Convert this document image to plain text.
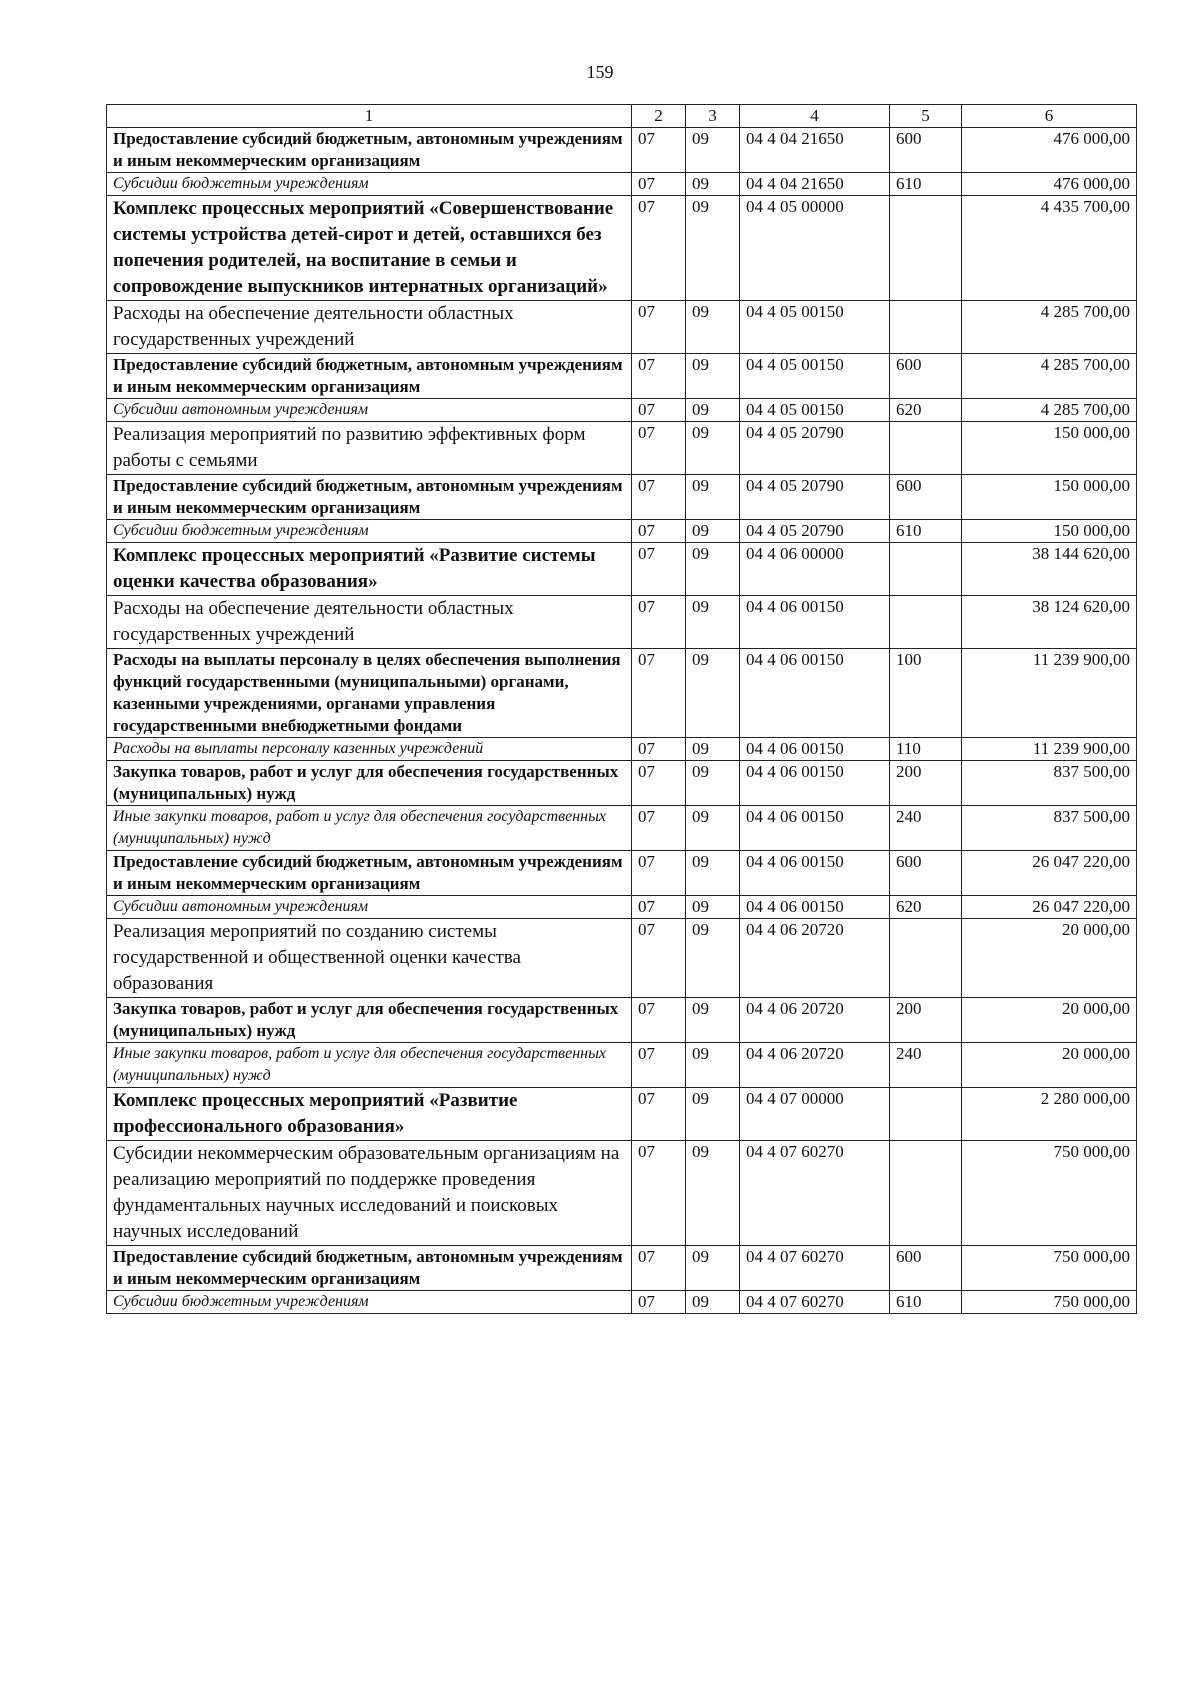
159
1	2	3	4	5	6
Предоставление субсидий бюджетным, автономным учреждениям и иным некоммерческим организациям	07	09	04 4 04 21650	600	476 000,00
Субсидии бюджетным учреждениям	07	09	04 4 04 21650	610	476 000,00
Комплекс процессных мероприятий «Совершенствование системы устройства детей-сирот и детей, оставшихся без попечения родителей, на воспитание в семьи и сопровождение выпускников интернатных организаций»	07	09	04 4 05 00000		4 435 700,00
Расходы на обеспечение деятельности областных государственных учреждений	07	09	04 4 05 00150		4 285 700,00
Предоставление субсидий бюджетным, автономным учреждениям и иным некоммерческим организациям	07	09	04 4 05 00150	600	4 285 700,00
Субсидии автономным учреждениям	07	09	04 4 05 00150	620	4 285 700,00
Реализация мероприятий по развитию эффективных форм работы с семьями	07	09	04 4 05 20790		150 000,00
Предоставление субсидий бюджетным, автономным учреждениям и иным некоммерческим организациям	07	09	04 4 05 20790	600	150 000,00
Субсидии бюджетным учреждениям	07	09	04 4 05 20790	610	150 000,00
Комплекс процессных мероприятий «Развитие системы оценки качества образования»	07	09	04 4 06 00000		38 144 620,00
Расходы на обеспечение деятельности областных государственных учреждений	07	09	04 4 06 00150		38 124 620,00
Расходы на выплаты персоналу в целях обеспечения выполнения функций государственными (муниципальными) органами, казенными учреждениями, органами управления государственными внебюджетными фондами	07	09	04 4 06 00150	100	11 239 900,00
Расходы на выплаты персоналу казенных учреждений	07	09	04 4 06 00150	110	11 239 900,00
Закупка товаров, работ и услуг для обеспечения государственных (муниципальных) нужд	07	09	04 4 06 00150	200	837 500,00
Иные закупки товаров, работ и услуг для обеспечения государственных (муниципальных) нужд	07	09	04 4 06 00150	240	837 500,00
Предоставление субсидий бюджетным, автономным учреждениям и иным некоммерческим организациям	07	09	04 4 06 00150	600	26 047 220,00
Субсидии автономным учреждениям	07	09	04 4 06 00150	620	26 047 220,00
Реализация мероприятий по созданию системы государственной и общественной оценки качества образования	07	09	04 4 06 20720		20 000,00
Закупка товаров, работ и услуг для обеспечения государственных (муниципальных) нужд	07	09	04 4 06 20720	200	20 000,00
Иные закупки товаров, работ и услуг для обеспечения государственных (муниципальных) нужд	07	09	04 4 06 20720	240	20 000,00
Комплекс процессных мероприятий «Развитие профессионального образования»	07	09	04 4 07 00000		2 280 000,00
Субсидии некоммерческим образовательным организациям на реализацию мероприятий по поддержке проведения фундаментальных научных исследований и поисковых научных исследований	07	09	04 4 07 60270		750 000,00
Предоставление субсидий бюджетным, автономным учреждениям и иным некоммерческим организациям	07	09	04 4 07 60270	600	750 000,00
Субсидии бюджетным учреждениям	07	09	04 4 07 60270	610	750 000,00
